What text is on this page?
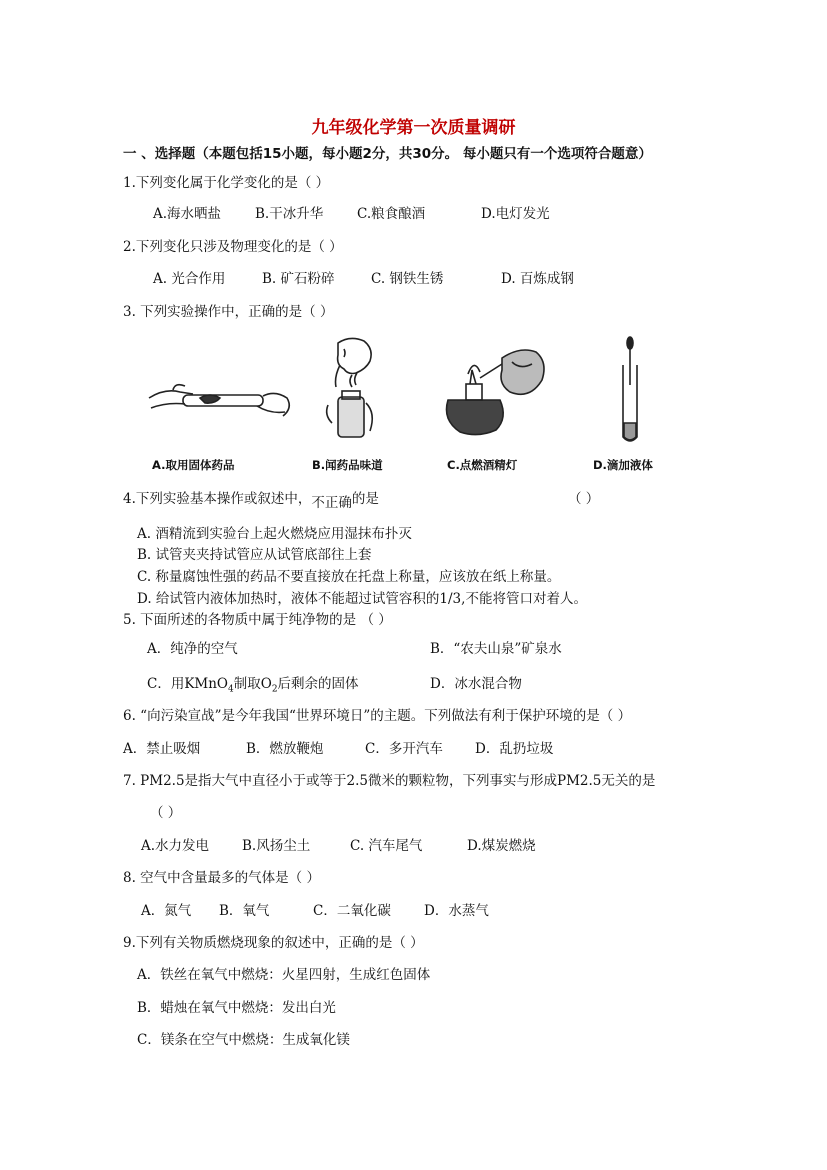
九年级化学第一次质量调研
一 、选择题（本题包括15小题，每小题2分，共30分。 每小题只有一个选项符合题意）
1.下列变化属于化学变化的是（ ）
A.海水晒盐	B.干冰升华	C.粮食酿酒	D.电灯发光
2.下列变化只涉及物理变化的是（ ）
A. 光合作用	B. 矿石粉碎	C. 钢铁生锈	D. 百炼成钢
3. 下列实验操作中，正确的是（ ）
A.取用固体药品	B.闻药品味道	C.点燃酒精灯	D.滴加液体
4.下列实验基本操作或叙述中，不正确的是	（ ）
A. 酒精流到实验台上起火燃烧应用湿抹布扑灭
B. 试管夹夹持试管应从试管底部往上套
C. 称量腐蚀性强的药品不要直接放在托盘上称量，应该放在纸上称量。
D. 给试管内液体加热时，液体不能超过试管容积的1/3,不能将管口对着人。
5. 下面所述的各物质中属于纯净物的是 （ ）
A．纯净的空气	B．“农夫山泉”矿泉水
C．用KMnO$_4$制取$O_2$后剩余的固体	D．冰水混合物
6. “向污染宣战”是今年我国“世界环境日”的主题。下列做法有利于保护环境的是（ ）
A．禁止吸烟	B．燃放鞭炮	C．多开汽车 D．乱扔垃圾
7. PM2.5是指大气中直径小于或等于2.5微米的颗粒物，下列事实与形成PM2.5无关的是
（ ）
A.水力发电 B.风扬尘土	C. 汽车尾气	D.煤炭燃烧
8. 空气中含量最多的气体是（ ）
A．氮气 B．氧气	C．二氧化碳 D．水蒸气
9.下列有关物质燃烧现象的叙述中，正确的是（ ）
A．铁丝在氧气中燃烧：火星四射，生成红色固体
B．蜡烛在氧气中燃烧：发出白光
C．镁条在空气中燃烧：生成氧化镁
